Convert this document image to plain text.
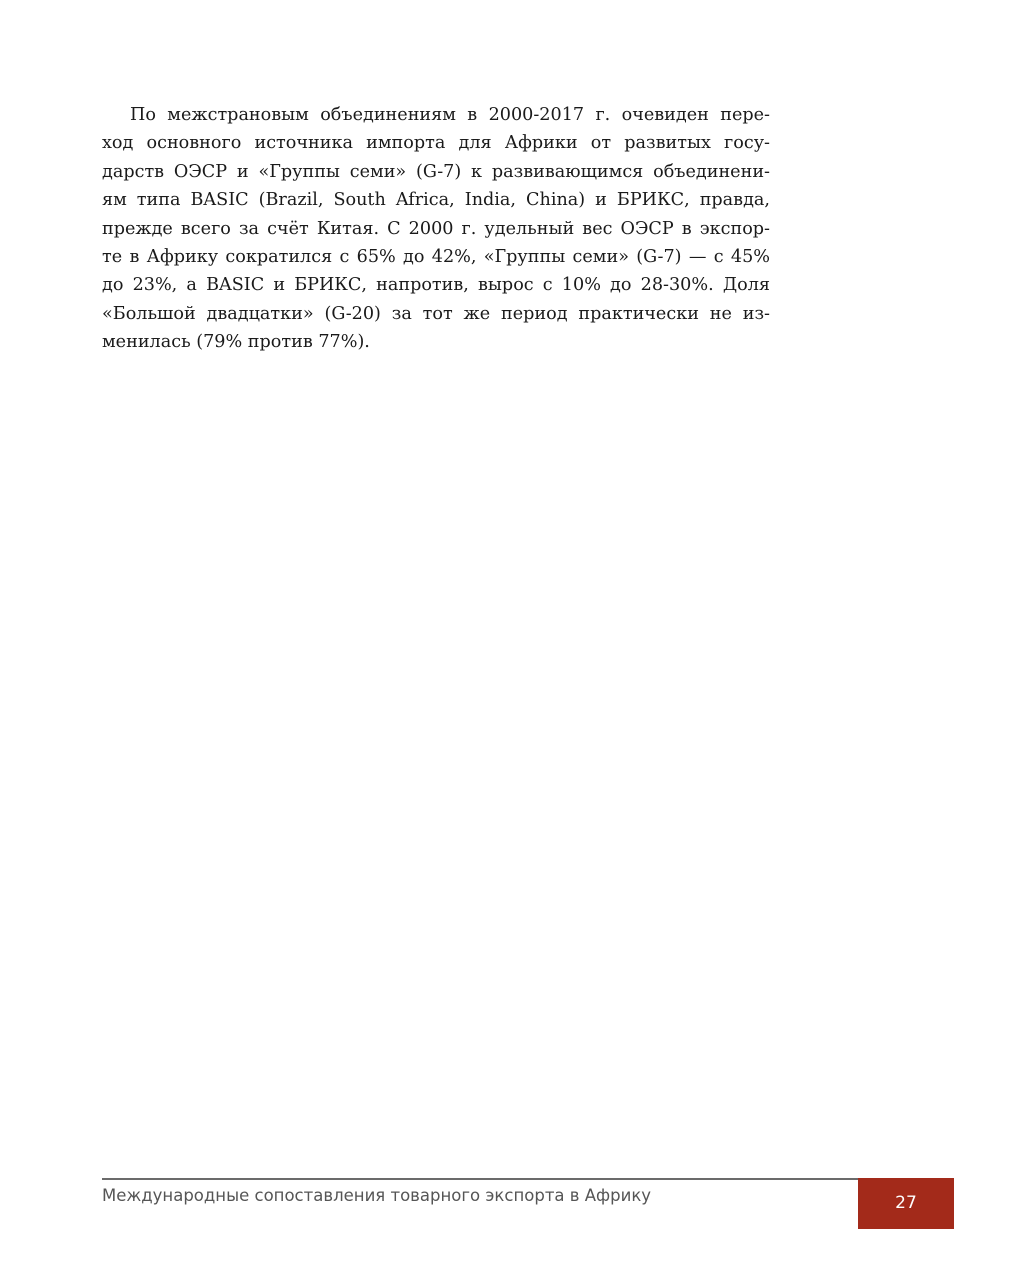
По межстрановым объединениям в 2000-2017 г. очевиден пере-
ход основного источника импорта для Африки от развитых госу-
дарств ОЭСР и «Группы семи» (G-7) к развивающимся объединени-
ям типа BASIC (Brazil, South Africa, India, China) и БРИКС, правда,
прежде всего за счёт Китая. С 2000 г. удельный вес ОЭСР в экспор-
те в Африку сократился с 65% до 42%, «Группы семи» (G-7) — с 45%
до 23%, а BASIC и БРИКС, напротив, вырос с 10% до 28-30%. Доля
«Большой двадцатки» (G-20) за тот же период практически не из-
менилась (79% против 77%).

Международные сопоставления товарного экспорта в Африку	27
